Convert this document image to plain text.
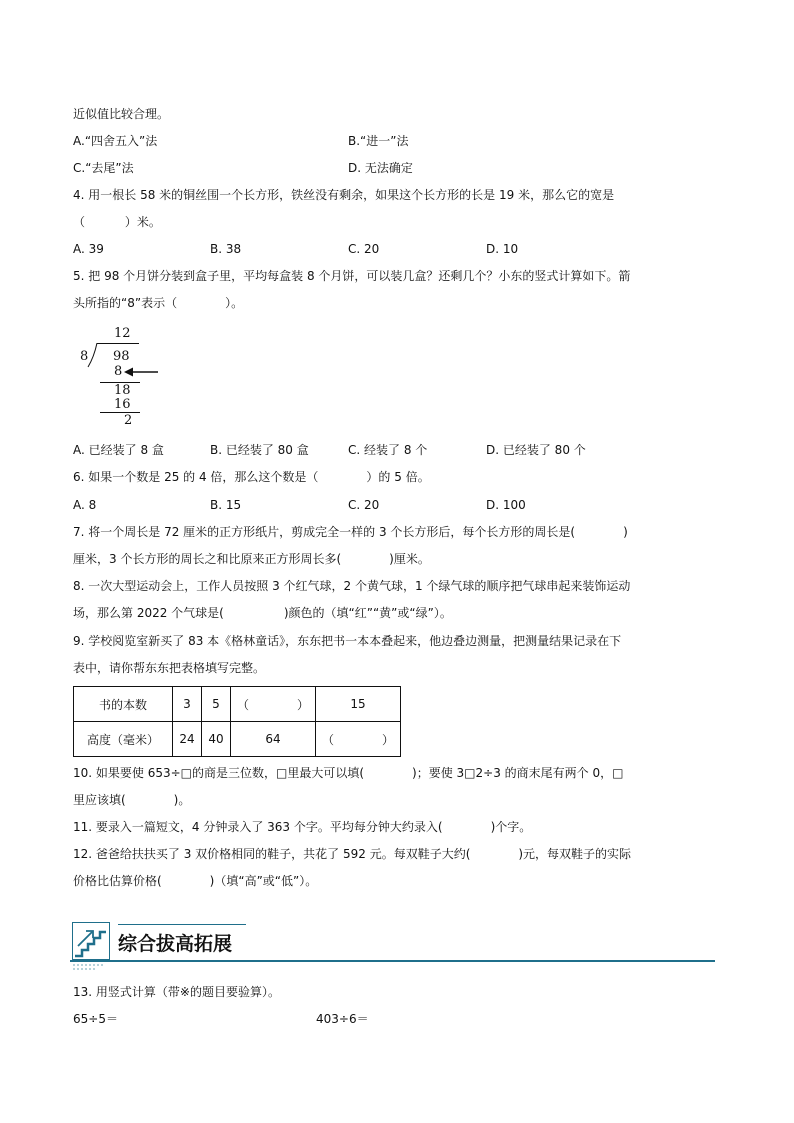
近似值比较合理。
A.“四舍五入”法	B.“进一”法
C.“去尾”法	D. 无法确定
4. 用一根长 58 米的铜丝围一个长方形，铁丝没有剩余，如果这个长方形的长是 19 米，那么它的宽是
（　　　 ）米。
A. 39	B. 38	C. 20	D. 10
5. 把 98 个月饼分装到盒子里，平均每盒装 8 个月饼，可以装几盒？还剩几个？小东的竖式计算如下。箭
头所指的“8”表示（　　　　）。
12
8 98
8
18
16
2
A. 已经装了 8 盒	B. 已经装了 80 盒	C. 经装了 8 个	D. 已经装了 80 个
6. 如果一个数是 25 的 4 倍，那么这个数是（　　　　）的 5 倍。
A. 8	B. 15	C. 20	D. 100
7. 将一个周长是 72 厘米的正方形纸片，剪成完全一样的 3 个长方形后，每个长方形的周长是(　　　　)
厘米，3 个长方形的周长之和比原来正方形周长多(　　　　)厘米。
8. 一次大型运动会上，工作人员按照 3 个红气球，2 个黄气球，1 个绿气球的顺序把气球串起来装饰运动
场，那么第 2022 个气球是(　　　　　)颜色的（填“红”“黄”或“绿”）。
9. 学校阅览室新买了 83 本《格林童话》，东东把书一本本叠起来，他边叠边测量，把测量结果记录在下
表中，请你帮东东把表格填写完整。
书的本数	3	5	（　　　　）	15
高度（毫米）	24	40	64	（　　　　）
10. 如果要使 653÷□的商是三位数，□里最大可以填(　　　　)；要使 3□2÷3 的商末尾有两个 0，□
里应该填(　　　　)。
11. 要录入一篇短文，4 分钟录入了 363 个字。平均每分钟大约录入(　　　　)个字。
12. 爸爸给扶扶买了 3 双价格相同的鞋子，共花了 592 元。每双鞋子大约(　　　　)元，每双鞋子的实际
价格比估算价格(　　　　)（填“高”或“低”）。
综合拔高拓展
13. 用竖式计算（带※的题目要验算）。
65÷5＝	403÷6＝
